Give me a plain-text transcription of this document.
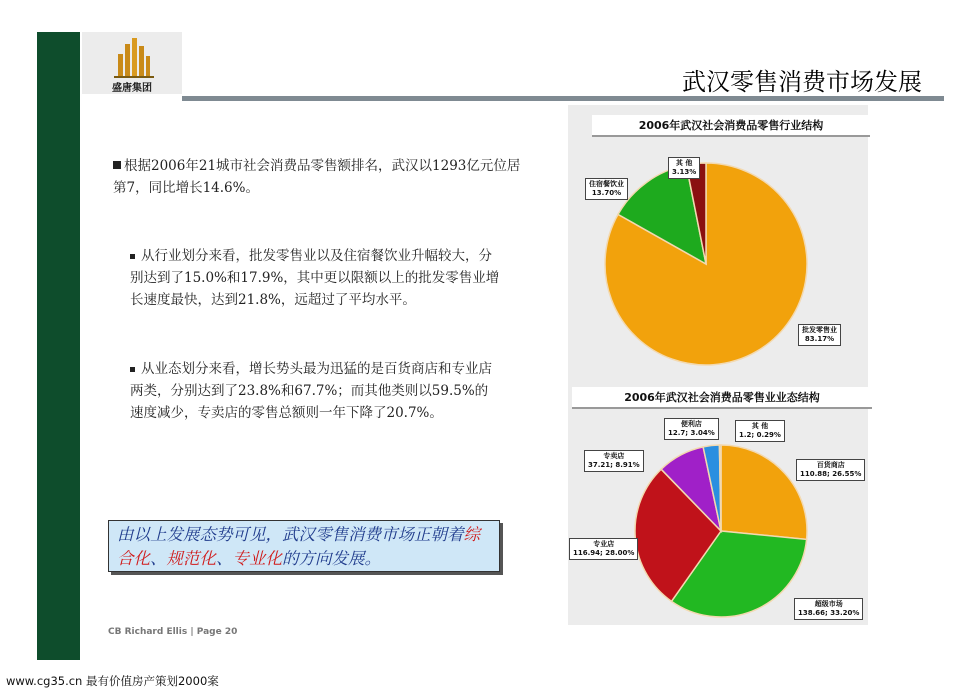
盛唐集团	武汉零售消费市场发展
根据2006年21城市社会消费品零售额排名，武汉以1293亿元位居第7，同比增长14.6%。
从行业划分来看，批发零售业以及住宿餐饮业升幅较大，分别达到了15.0%和17.9%，其中更以限额以上的批发零售业增长速度最快，达到21.8%，远超过了平均水平。
从业态划分来看，增长势头最为迅猛的是百货商店和专业店两类，分别达到了23.8%和67.7%；而其他类则以59.5%的速度减少，专卖店的零售总额则一年下降了20.7%。
由以上发展态势可见，武汉零售消费市场正朝着综合化、规范化、专业化的方向发展。
CB Richard Ellis | Page 20
www.cg35.cn 最有价值房产策划2000案
2006年武汉社会消费品零售行业结构
2006年武汉社会消费品零售业业态结构
其 他
3.13%
住宿餐饮业
13.70%
批发零售业
83.17%
便利店
12.7; 3.04%
其 他
1.2; 0.29%
专卖店
37.21; 8.91%	百货商店
110.88; 26.55%
专业店
116.94; 28.00%
超级市场
138.66; 33.20%
